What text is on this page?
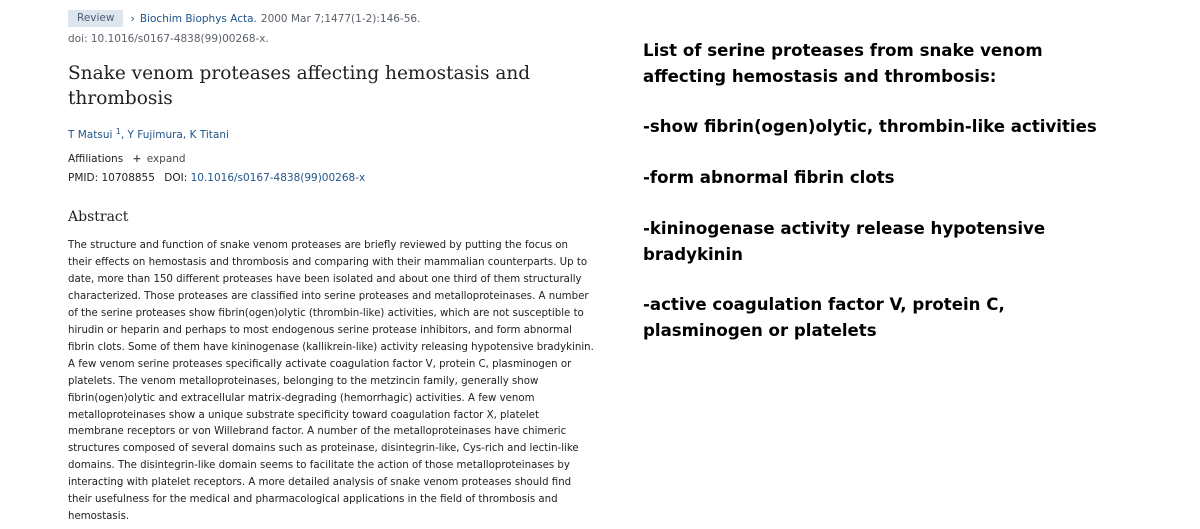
Review	› Biochim Biophys Acta. 2000 Mar 7;1477(1-2):146-56.
doi: 10.1016/s0167-4838(99)00268-x.
Snake venom proteases affecting hemostasis and thrombosis
T Matsui $^1$, Y Fujimura, K Titani
Affiliations + expand
PMID: 10708855 DOI: 10.1016/s0167-4838(99)00268-x
Abstract

The structure and function of snake venom proteases are briefly reviewed by putting the focus on
their effects on hemostasis and thrombosis and comparing with their mammalian counterparts. Up to
date, more than 150 different proteases have been isolated and about one third of them structurally
characterized. Those proteases are classified into serine proteases and metalloproteinases. A number
of the serine proteases show fibrin(ogen)olytic (thrombin-like) activities, which are not susceptible to
hirudin or heparin and perhaps to most endogenous serine protease inhibitors, and form abnormal
fibrin clots. Some of them have kininogenase (kallikrein-like) activity releasing hypotensive bradykinin.
A few venom serine proteases specifically activate coagulation factor V, protein C, plasminogen or
platelets. The venom metalloproteinases, belonging to the metzincin family, generally show
fibrin(ogen)olytic and extracellular matrix-degrading (hemorrhagic) activities. A few venom
metalloproteinases show a unique substrate specificity toward coagulation factor X, platelet
membrane receptors or von Willebrand factor. A number of the metalloproteinases have chimeric
structures composed of several domains such as proteinase, disintegrin-like, Cys-rich and lectin-like
domains. The disintegrin-like domain seems to facilitate the action of those metalloproteinases by
interacting with platelet receptors. A more detailed analysis of snake venom proteases should find
their usefulness for the medical and pharmacological applications in the field of thrombosis and
hemostasis.

List of serine proteases from snake venom
affecting hemostasis and thrombosis:
-show fibrin(ogen)olytic, thrombin-like activities
-form abnormal fibrin clots
-kininogenase activity release hypotensive
bradykinin
-active coagulation factor V, protein C,
plasminogen or platelets
